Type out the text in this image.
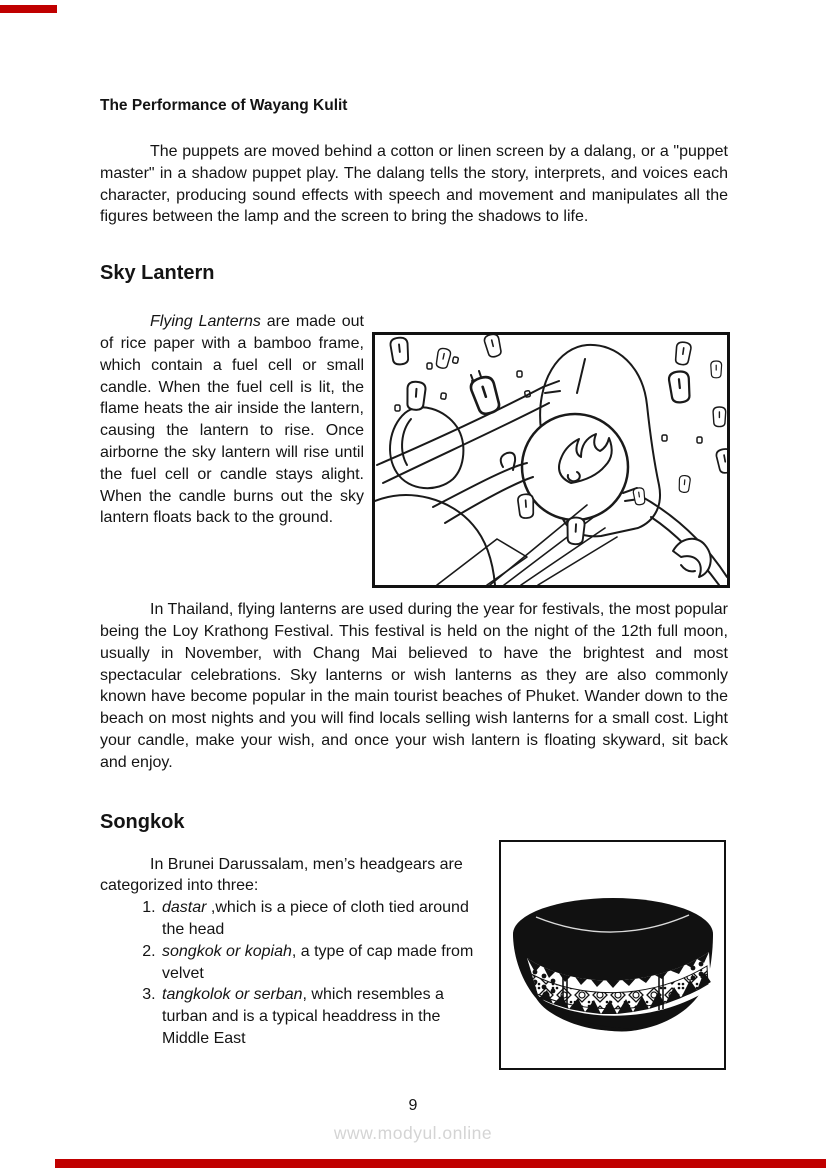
The Performance of Wayang Kulit

The puppets are moved behind a cotton or linen screen by a dalang, or a "puppet master" in a shadow puppet play. The dalang tells the story, interprets, and voices each character, producing sound effects with speech and movement and manipulates all the figures between the lamp and the screen to bring the shadows to life.

Sky Lantern

Flying Lanterns are made out of rice paper with a bamboo frame, which contain a fuel cell or small candle. When the fuel cell is lit, the flame heats the air inside the lantern, causing the lantern to rise. Once airborne the sky lantern will rise until the fuel cell or candle stays alight. When the candle burns out the sky lantern floats back to the ground.

In Thailand, flying lanterns are used during the year for festivals, the most popular being the Loy Krathong Festival. This festival is held on the night of the 12th full moon, usually in November, with Chang Mai believed to have the brightest and most spectacular celebrations. Sky lanterns or wish lanterns as they are also commonly known have become popular in the main tourist beaches of Phuket. Wander down to the beach on most nights and you will find locals selling wish lanterns for a small cost. Light your candle, make your wish, and once your wish lantern is floating skyward, sit back and enjoy.

Songkok

In Brunei Darussalam, men’s headgears are categorized into three:

1. dastar ,which is a piece of cloth tied around the head
2. songkok or kopiah, a type of cap made from velvet
3. tangkolok or serban, which resembles a turban and is a typical headdress in the Middle East
9
www.modyul.online
